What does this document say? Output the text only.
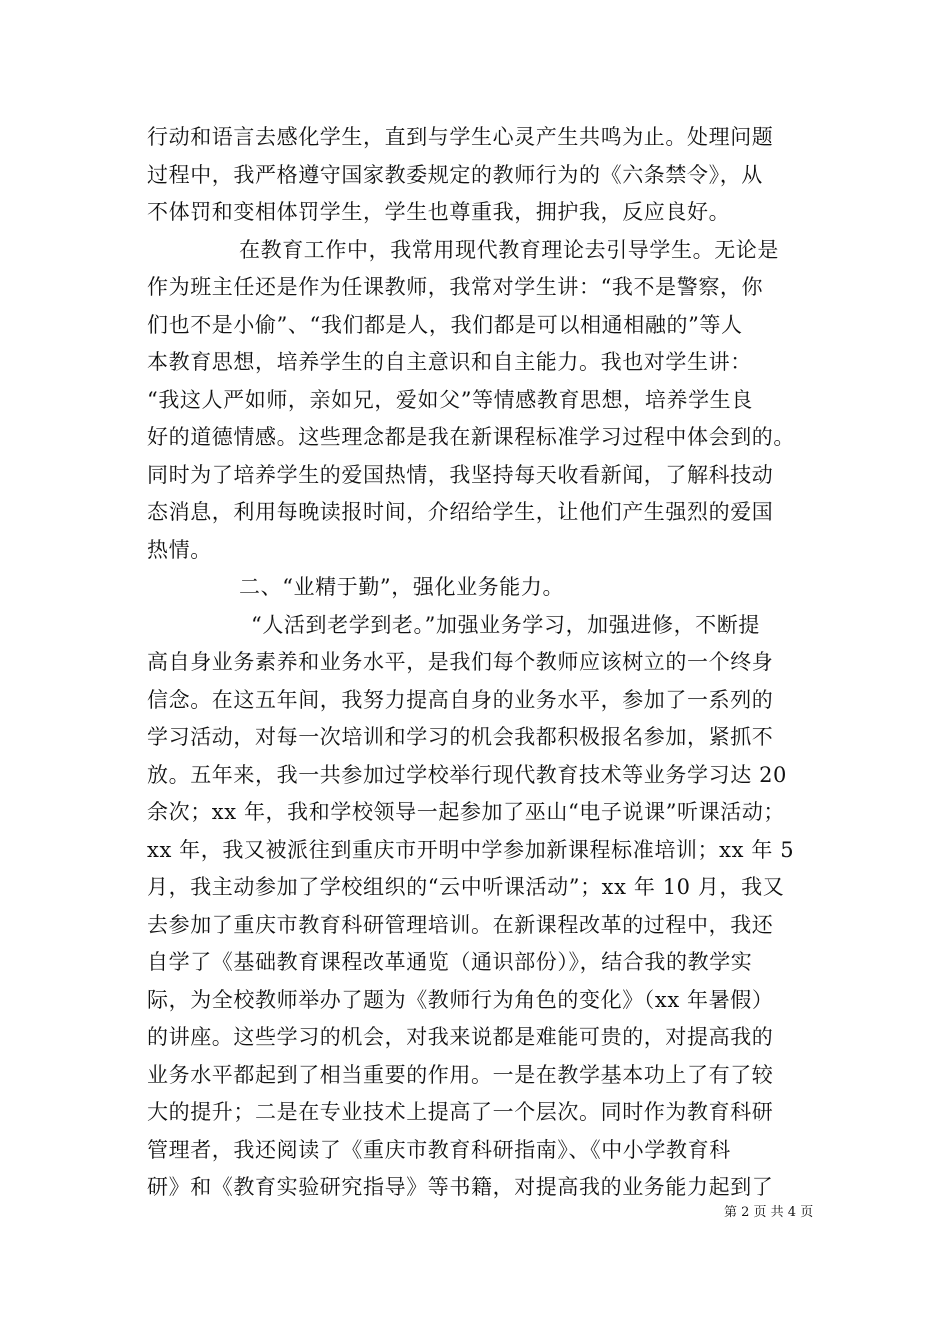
行动和语言去感化学生，直到与学生心灵产生共鸣为止。处理问题
过程中，我严格遵守国家教委规定的教师行为的《六条禁令》，从
不体罚和变相体罚学生，学生也尊重我，拥护我，反应良好。
在教育工作中，我常用现代教育理论去引导学生。无论是
作为班主任还是作为任课教师，我常对学生讲：“我不是警察，你
们也不是小偷”、“我们都是人，我们都是可以相通相融的”等人
本教育思想，培养学生的自主意识和自主能力。我也对学生讲：
“我这人严如师，亲如兄，爱如父”等情感教育思想，培养学生良
好的道德情感。这些理念都是我在新课程标准学习过程中体会到的。
同时为了培养学生的爱国热情，我坚持每天收看新闻，了解科技动
态消息，利用每晚读报时间，介绍给学生，让他们产生强烈的爱国
热情。
二、“业精于勤”，强化业务能力。
“人活到老学到老。”加强业务学习，加强进修，不断提
高自身业务素养和业务水平，是我们每个教师应该树立的一个终身
信念。在这五年间，我努力提高自身的业务水平，参加了一系列的
学习活动，对每一次培训和学习的机会我都积极报名参加，紧抓不
放。五年来，我一共参加过学校举行现代教育技术等业务学习达 20
余次；xx 年，我和学校领导一起参加了巫山“电子说课”听课活动；
xx 年，我又被派往到重庆市开明中学参加新课程标准培训；xx 年 5
月，我主动参加了学校组织的“云中听课活动”；xx 年 10 月，我又
去参加了重庆市教育科研管理培训。在新课程改革的过程中，我还
自学了《基础教育课程改革通览（通识部份）》，结合我的教学实
际，为全校教师举办了题为《教师行为角色的变化》（xx 年暑假）
的讲座。这些学习的机会，对我来说都是难能可贵的，对提高我的
业务水平都起到了相当重要的作用。一是在教学基本功上了有了较
大的提升；二是在专业技术上提高了一个层次。同时作为教育科研
管理者，我还阅读了《重庆市教育科研指南》、《中小学教育科
研》和《教育实验研究指导》等书籍，对提高我的业务能力起到了
第 2 页 共 4 页
